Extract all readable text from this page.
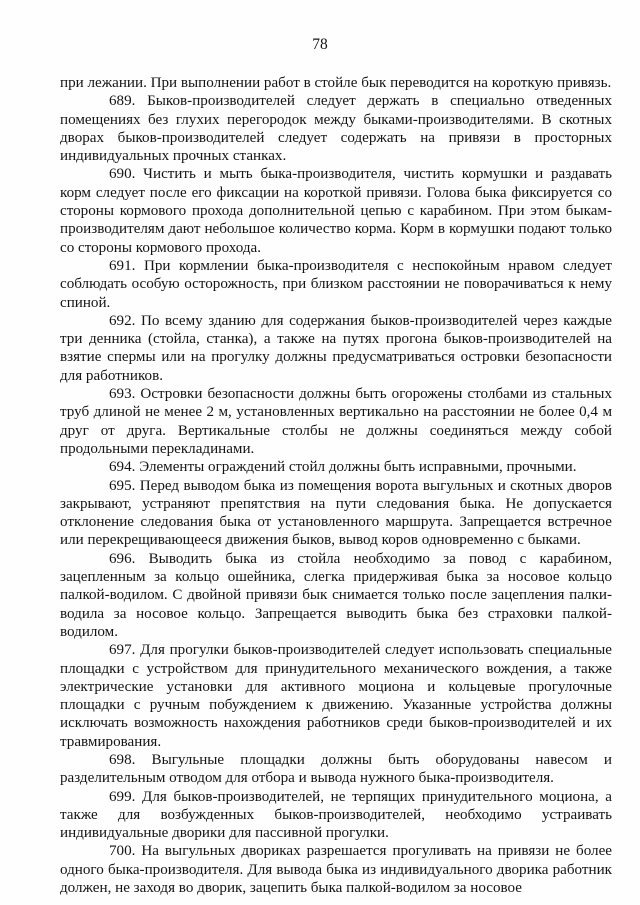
78

при лежании. При выполнении работ в стойле бык переводится на короткую привязь.

689. Быков-производителей следует держать в специально отведенных помещениях без глухих перегородок между быками-производителями. В скотных дворах быков-производителей следует содержать на привязи в просторных индивидуальных прочных станках.

690. Чистить и мыть быка-производителя, чистить кормушки и раздавать корм следует после его фиксации на короткой привязи. Голова быка фиксируется со стороны кормового прохода дополнительной цепью с карабином. При этом быкам-производителям дают небольшое количество корма. Корм в кормушки подают только со стороны кормового прохода.

691. При кормлении быка-производителя с неспокойным нравом следует соблюдать особую осторожность, при близком расстоянии не поворачиваться к нему спиной.

692. По всему зданию для содержания быков-производителей через каждые три денника (стойла, станка), а также на путях прогона быков-производителей на взятие спермы или на прогулку должны предусматриваться островки безопасности для работников.

693. Островки безопасности должны быть огорожены столбами из стальных труб длиной не менее 2 м, установленных вертикально на расстоянии не более 0,4 м друг от друга. Вертикальные столбы не должны соединяться между собой продольными перекладинами.

694. Элементы ограждений стойл должны быть исправными, прочными.

695. Перед выводом быка из помещения ворота выгульных и скотных дворов закрывают, устраняют препятствия на пути следования быка. Не допускается отклонение следования быка от установленного маршрута. Запрещается встречное или перекрещивающееся движения быков, вывод коров одновременно с быками.

696. Выводить быка из стойла необходимо за повод с карабином, зацепленным за кольцо ошейника, слегка придерживая быка за носовое кольцо палкой-водилом. С двойной привязи бык снимается только после зацепления палки-водила за носовое кольцо. Запрещается выводить быка без страховки палкой-водилом.

697. Для прогулки быков-производителей следует использовать специальные площадки с устройством для принудительного механического вождения, а также электрические установки для активного моциона и кольцевые прогулочные площадки с ручным побуждением к движению. Указанные устройства должны исключать возможность нахождения работников среди быков-производителей и их травмирования.

698. Выгульные площадки должны быть оборудованы навесом и разделительным отводом для отбора и вывода нужного быка-производителя.

699. Для быков-производителей, не терпящих принудительного моциона, а также для возбужденных быков-производителей, необходимо устраивать индивидуальные дворики для пассивной прогулки.

700. На выгульных двориках разрешается прогуливать на привязи не более одного быка-производителя. Для вывода быка из индивидуального дворика работник должен, не заходя во дворик, зацепить быка палкой-водилом за носовое
